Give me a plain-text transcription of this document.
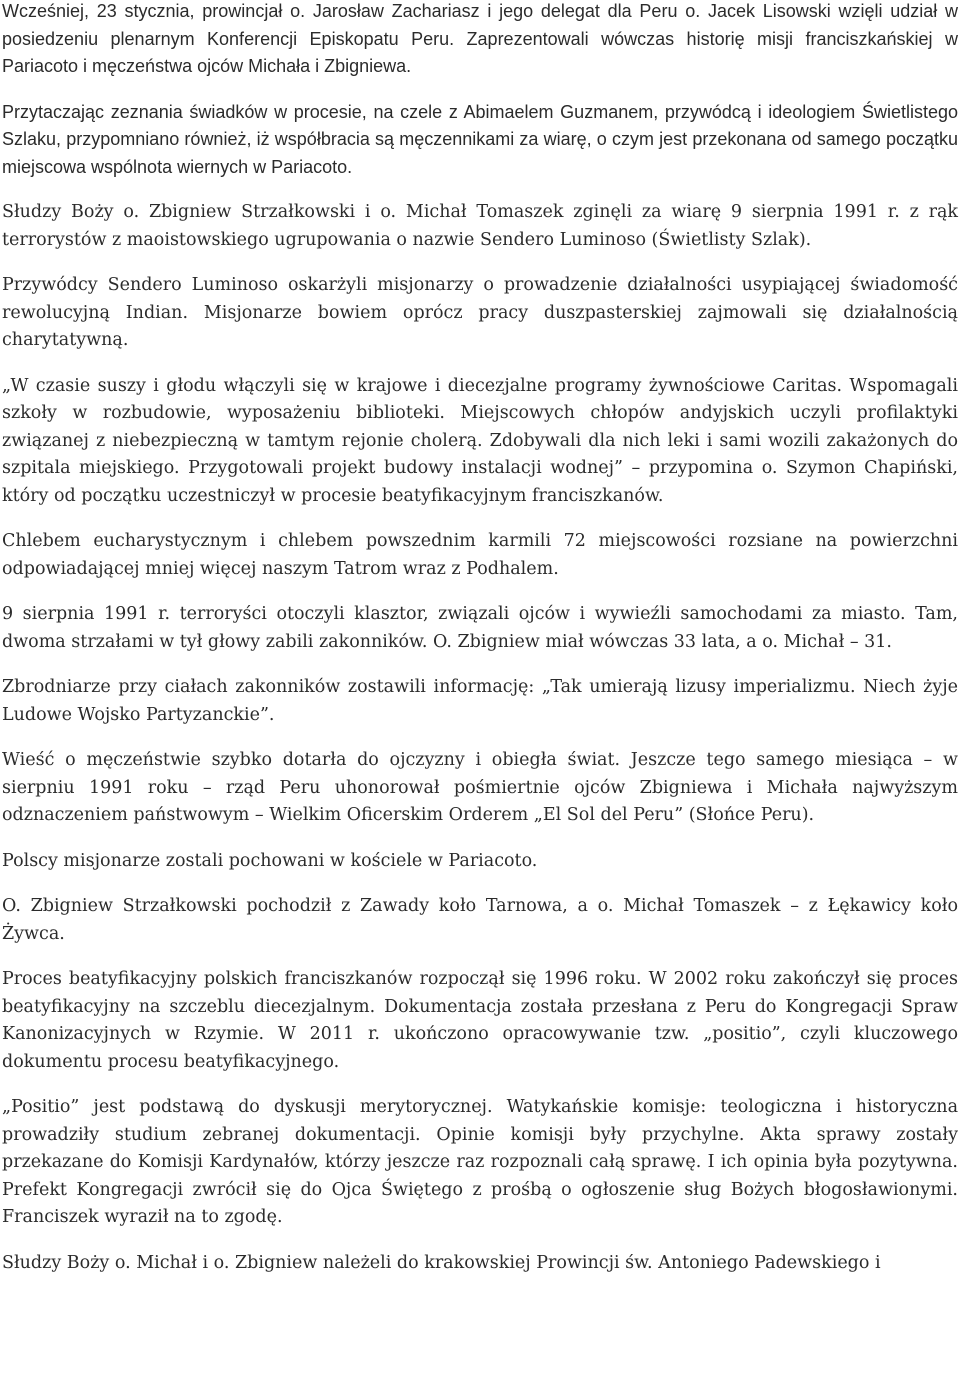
Wcześniej, 23 stycznia, prowincjał o. Jarosław Zachariasz i jego delegat dla Peru o. Jacek Lisowski wzięli udział w posiedzeniu plenarnym Konferencji Episkopatu Peru. Zaprezentowali wówczas historię misji franciszkańskiej w Pariacoto i męczeństwa ojców Michała i Zbigniewa.

Przytaczając zeznania świadków w procesie, na czele z Abimaelem Guzmanem, przywódcą i ideologiem Świetlistego Szlaku, przypomniano również, iż współbracia są męczennikami za wiarę, o czym jest przekonana od samego początku miejscowa wspólnota wiernych w Pariacoto.

Słudzy Boży o. Zbigniew Strzałkowski i o. Michał Tomaszek zginęli za wiarę 9 sierpnia 1991 r. z rąk terrorystów z maoistowskiego ugrupowania o nazwie Sendero Luminoso (Świetlisty Szlak).

Przywódcy Sendero Luminoso oskarżyli misjonarzy o prowadzenie działalności usypiającej świadomość rewolucyjną Indian. Misjonarze bowiem oprócz pracy duszpasterskiej zajmowali się działalnością charytatywną.

„W czasie suszy i głodu włączyli się w krajowe i diecezjalne programy żywnościowe Caritas. Wspomagali szkoły w rozbudowie, wyposażeniu biblioteki. Miejscowych chłopów andyjskich uczyli profilaktyki związanej z niebezpieczną w tamtym rejonie cholerą. Zdobywali dla nich leki i sami wozili zakażonych do szpitala miejskiego. Przygotowali projekt budowy instalacji wodnej” – przypomina o. Szymon Chapiński, który od początku uczestniczył w procesie beatyfikacyjnym franciszkanów.

Chlebem eucharystycznym i chlebem powszednim karmili 72 miejscowości rozsiane na powierzchni odpowiadającej mniej więcej naszym Tatrom wraz z Podhalem.

9 sierpnia 1991 r. terroryści otoczyli klasztor, związali ojców i wywieźli samochodami za miasto. Tam, dwoma strzałami w tył głowy zabili zakonników. O. Zbigniew miał wówczas 33 lata, a o. Michał – 31.

Zbrodniarze przy ciałach zakonników zostawili informację: „Tak umierają lizusy imperializmu. Niech żyje Ludowe Wojsko Partyzanckie”.

Wieść o męczeństwie szybko dotarła do ojczyzny i obiegła świat. Jeszcze tego samego miesiąca – w sierpniu 1991 roku – rząd Peru uhonorował pośmiertnie ojców Zbigniewa i Michała najwyższym odznaczeniem państwowym – Wielkim Oficerskim Orderem „El Sol del Peru” (Słońce Peru).

Polscy misjonarze zostali pochowani w kościele w Pariacoto.

O. Zbigniew Strzałkowski pochodził z Zawady koło Tarnowa, a o. Michał Tomaszek – z Łękawicy koło Żywca.

Proces beatyfikacyjny polskich franciszkanów rozpoczął się 1996 roku. W 2002 roku zakończył się proces beatyfikacyjny na szczeblu diecezjalnym. Dokumentacja została przesłana z Peru do Kongregacji Spraw Kanonizacyjnych w Rzymie. W 2011 r. ukończono opracowywanie tzw. „positio”, czyli kluczowego dokumentu procesu beatyfikacyjnego.

„Positio” jest podstawą do dyskusji merytorycznej. Watykańskie komisje: teologiczna i historyczna prowadziły studium zebranej dokumentacji. Opinie komisji były przychylne. Akta sprawy zostały przekazane do Komisji Kardynałów, którzy jeszcze raz rozpoznali całą sprawę. I ich opinia była pozytywna. Prefekt Kongregacji zwrócił się do Ojca Świętego z prośbą o ogłoszenie sług Bożych błogosławionymi. Franciszek wyraził na to zgodę.

Słudzy Boży o. Michał i o. Zbigniew należeli do krakowskiej Prowincji św. Antoniego Padewskiego i
